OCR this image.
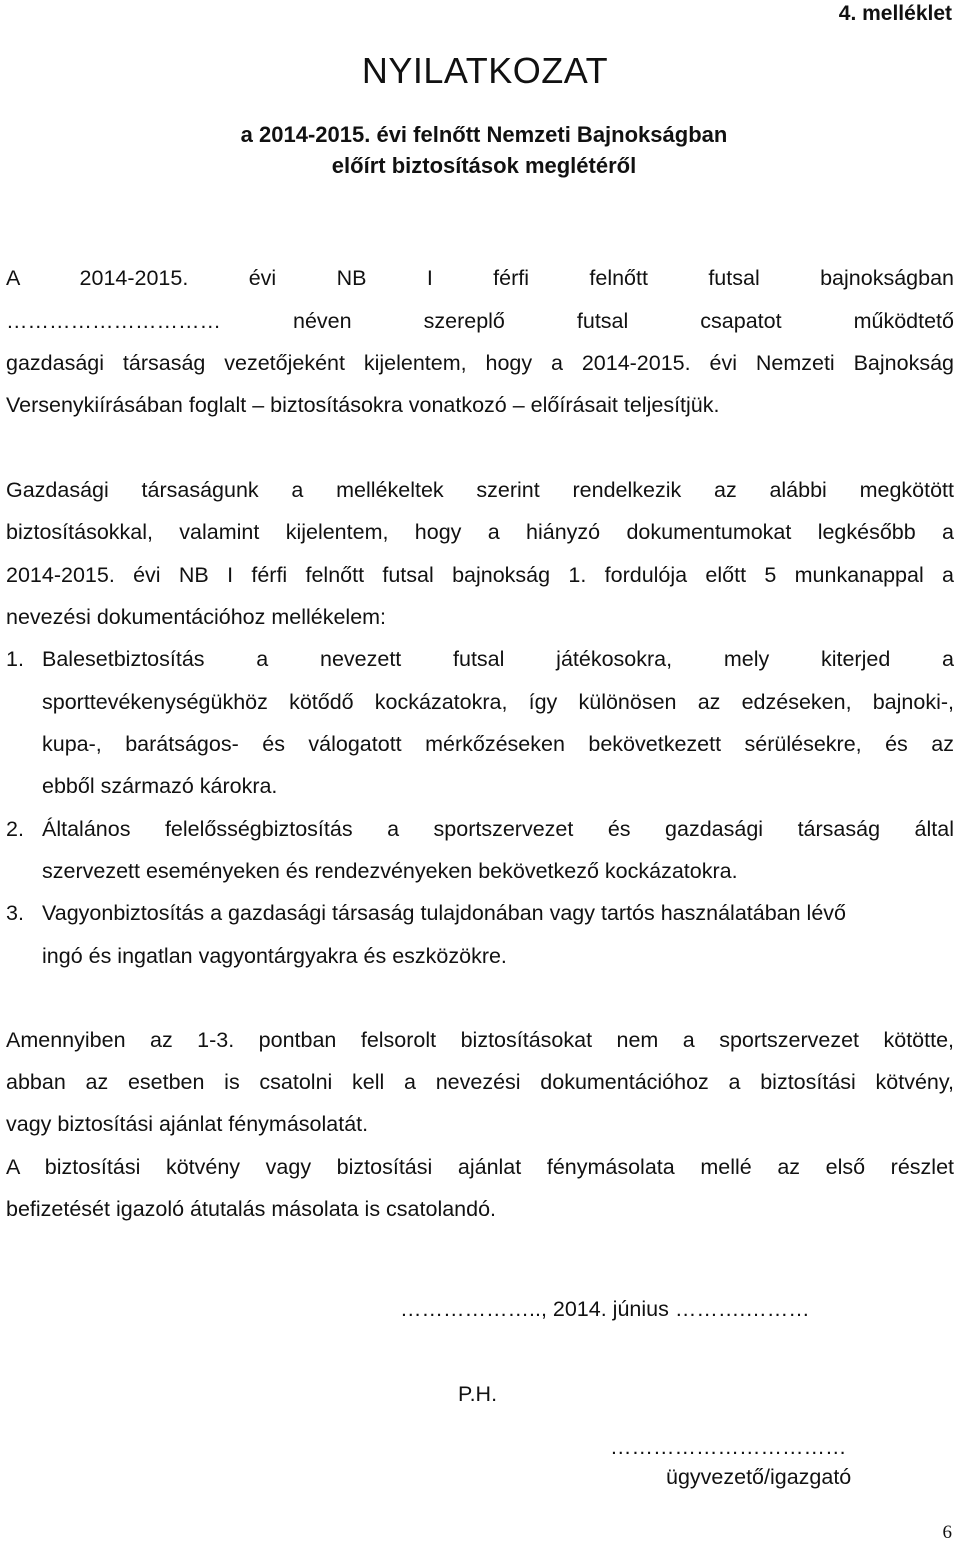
4. melléklet
NYILATKOZAT
a 2014-2015. évi felnőtt Nemzeti Bajnokságban
előírt biztosítások meglétéről
A 2014-2015. évi NB I férfi felnőtt futsal bajnokságban
………………………… néven szereplő futsal csapatot működtető
gazdasági társaság vezetőjeként kijelentem, hogy a 2014-2015. évi Nemzeti Bajnokság
Versenykiírásában foglalt – biztosításokra vonatkozó – előírásait teljesítjük.
Gazdasági társaságunk a mellékeltek szerint rendelkezik az alábbi megkötött
biztosításokkal, valamint kijelentem, hogy a hiányzó dokumentumokat legkésőbb a
2014-2015. évi NB I férfi felnőtt futsal bajnokság 1. fordulója előtt 5 munkanappal a
nevezési dokumentációhoz mellékelem:
1. Balesetbiztosítás a nevezett futsal játékosokra, mely kiterjed a
sporttevékenységükhöz kötődő kockázatokra, így különösen az edzéseken, bajnoki-,
kupa-, barátságos- és válogatott mérkőzéseken bekövetkezett sérülésekre, és az
ebből származó károkra.
2. Általános felelősségbiztosítás a sportszervezet és gazdasági társaság által
szervezett eseményeken és rendezvényeken bekövetkező kockázatokra.
3. Vagyonbiztosítás a gazdasági társaság tulajdonában vagy tartós használatában lévő
ingó és ingatlan vagyontárgyakra és eszközökre.
Amennyiben az 1-3. pontban felsorolt biztosításokat nem a sportszervezet kötötte,
abban az esetben is csatolni kell a nevezési dokumentációhoz a biztosítási kötvény,
vagy biztosítási ajánlat fénymásolatát.
A biztosítási kötvény vagy biztosítási ajánlat fénymásolata mellé az első részlet
befizetését igazoló átutalás másolata is csatolandó.
……………….., 2014. június ……….………
P.H.
……………………………
ügyvezető/igazgató
6
